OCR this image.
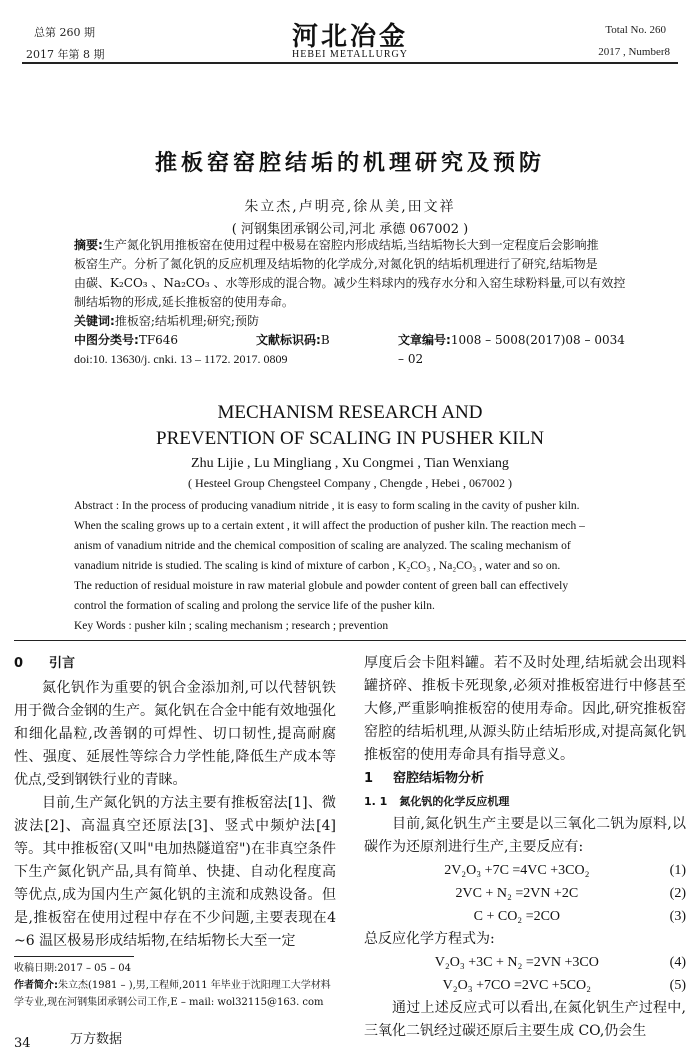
总第 260 期
2017 年第 8 期
河北冶金
HEBEI METALLURGY
Total No. 260
2017 , Number8
推板窑窑腔结垢的机理研究及预防
朱立杰,卢明亮,徐从美,田文祥
( 河钢集团承钢公司,河北 承德 067002 )
摘要:生产氮化钒用推板窑在使用过程中极易在窑腔内形成结垢,当结垢物长大到一定程度后会影响推
板窑生产。分析了氮化钒的反应机理及结垢物的化学成分,对氮化钒的结垢机理进行了研究,结垢物是
由碳、K₂CO₃ 、Na₂CO₃ 、水等形成的混合物。减少生料球内的残存水分和入窑生球粉料量,可以有效控
制结垢物的形成,延长推板窑的使用寿命。
关键词:推板窑;结垢机理;研究;预防
中图分类号:TF646	文献标识码:B	文章编号:1008 – 5008(2017)08 – 0034 – 02
doi:10. 13630/j. cnki. 13 – 1172. 2017. 0809
MECHANISM RESEARCH AND
PREVENTION OF SCALING IN PUSHER KILN
Zhu Lijie , Lu Mingliang , Xu Congmei , Tian Wenxiang
( Hesteel Group Chengsteel Company , Chengde , Hebei , 067002 )
Abstract : In the process of producing vanadium nitride , it is easy to form scaling in the cavity of pusher kiln.
When the scaling grows up to a certain extent , it will affect the production of pusher kiln. The reaction mech –
anism of vanadium nitride and the chemical composition of scaling are analyzed. The scaling mechanism of
vanadium nitride is studied. The scaling is kind of mixture of carbon , K₂CO₃ , Na₂CO₃ , water and so on.
The reduction of residual moisture in raw material globule and powder content of green ball can effectively
control the formation of scaling and prolong the service life of the pusher kiln.
Key Words : pusher kiln ; scaling mechanism ; research ; prevention

0 引言

氮化钒作为重要的钒合金添加剂,可以代替钒铁用于微合金钢的生产。氮化钒在合金中能有效地强化和细化晶粒,改善钢的可焊性、切口韧性,提高耐腐性、强度、延展性等综合力学性能,降低生产成本等优点,受到钢铁行业的青睐。

目前,生产氮化钒的方法主要有推板窑法[1]、微波法[2]、高温真空还原法[3]、竖式中频炉法[4]等。其中推板窑(又叫"电加热隧道窑")在非真空条件下生产氮化钒产品,具有简单、快捷、自动化程度高等优点,成为国内生产氮化钒的主流和成熟设备。但是,推板窑在使用过程中存在不少问题,主要表现在4 ~6 温区极易形成结垢物,在结垢物长大至一定

收稿日期:2017 – 05 – 04
作者简介:朱立杰(1981 – ),男,工程师,2011 年毕业于沈阳理工大学材料学专业,现在河钢集团承钢公司工作,E – mail: wol32115@163. com
34	万方数据

厚度后会卡阻料罐。若不及时处理,结垢就会出现料罐挤碎、推板卡死现象,必须对推板窑进行中修甚至大修,严重影响推板窑的使用寿命。因此,研究推板窑窑腔的结垢机理,从源头防止结垢形成,对提高氮化钒推板窑的使用寿命具有指导意义。

1 窑腔结垢物分析

1. 1 氮化钒的化学反应机理

目前,氮化钒生产主要是以三氧化二钒为原料,以碳作为还原剂进行生产,主要反应有:

2V₂O₃ +7C =4VC +3CO₂	(1)
2VC + N₂ =2VN +2C	(2)
C + CO₂ =2CO	(3)

总反应化学方程式为:

V₂O₃ +3C + N₂ =2VN +3CO	(4)
V₂O₃ +7CO =2VC +5CO₂	(5)

通过上述反应式可以看出,在氮化钒生产过程中,三氧化二钒经过碳还原后主要生成 CO,仍会生
